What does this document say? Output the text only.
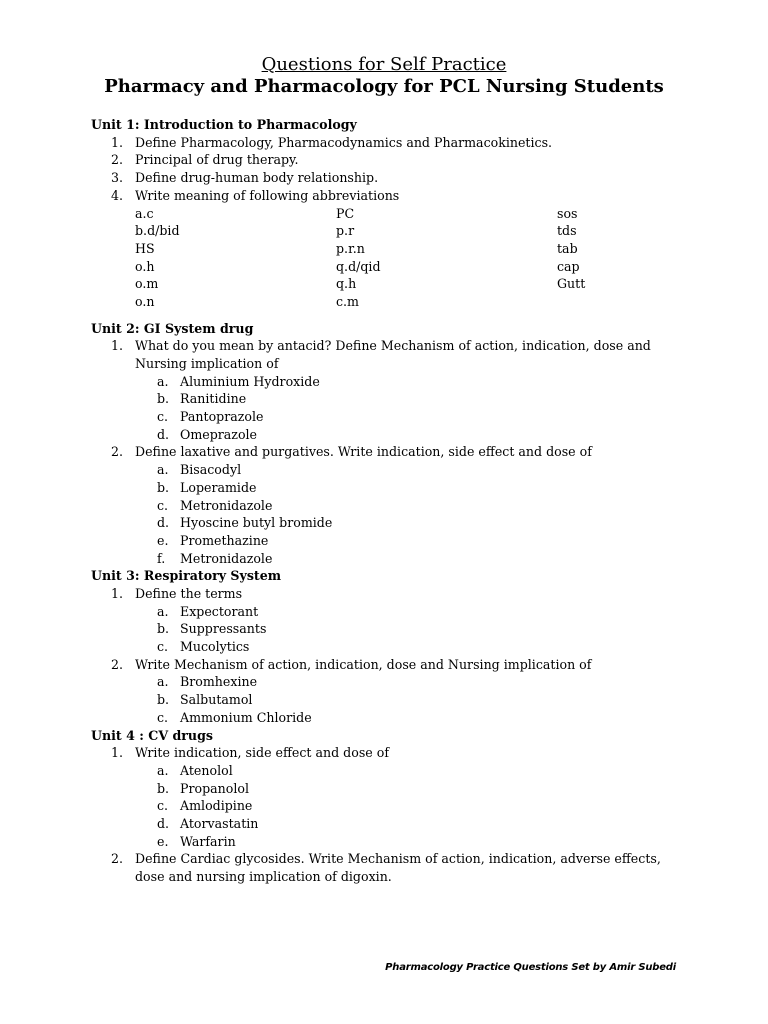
Questions for Self Practice
Pharmacy and Pharmacology for PCL Nursing Students
Unit 1: Introduction to Pharmacology
1. Define Pharmacology, Pharmacodynamics and Pharmacokinetics.
2. Principal of drug therapy.
3. Define drug-human body relationship.
4. Write meaning of following abbreviations
a.c	PC	sos
b.d/bid	p.r	tds
HS	p.r.n	tab
o.h	q.d/qid	cap
o.m	q.h	Gutt
o.n	c.m
Unit 2: GI System drug
1. What do you mean by antacid? Define Mechanism of action, indication, dose and Nursing implication of
a. Aluminium Hydroxide
b. Ranitidine
c. Pantoprazole
d. Omeprazole
2. Define laxative and purgatives. Write indication, side effect and dose of
a. Bisacodyl
b. Loperamide
c. Metronidazole
d. Hyoscine butyl bromide
e. Promethazine
f. Metronidazole
Unit 3: Respiratory System
1. Define the terms
a. Expectorant
b. Suppressants
c. Mucolytics
2. Write Mechanism of action, indication, dose and Nursing implication of
a. Bromhexine
b. Salbutamol
c. Ammonium Chloride
Unit 4 : CV drugs
1. Write indication, side effect and dose of
a. Atenolol
b. Propanolol
c. Amlodipine
d. Atorvastatin
e. Warfarin
2. Define Cardiac glycosides. Write Mechanism of action, indication, adverse effects, dose and nursing implication of digoxin.
Pharmacology Practice Questions Set by Amir Subedi
